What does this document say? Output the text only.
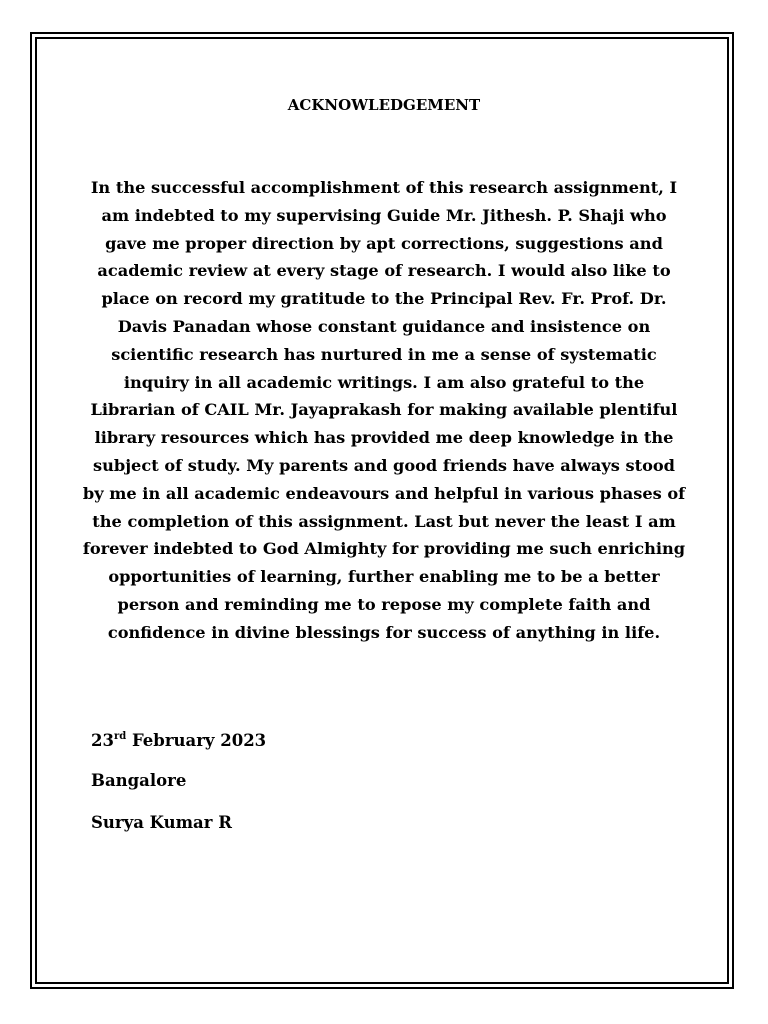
ACKNOWLEDGEMENT

In the successful accomplishment of this research assignment, I am indebted to my supervising Guide Mr. Jithesh. P. Shaji who gave me proper direction by apt corrections, suggestions and academic review at every stage of research. I would also like to place on record my gratitude to the Principal Rev. Fr. Prof. Dr. Davis Panadan whose constant guidance and insistence on scientific research has nurtured in me a sense of systematic inquiry in all academic writings. I am also grateful to the Librarian of CAIL Mr. Jayaprakash for making available plentiful library resources which has provided me deep knowledge in the subject of study. My parents and good friends have always stood by me in all academic endeavours and helpful in various phases of the completion of this assignment. Last but never the least I am forever indebted to God Almighty for providing me such enriching opportunities of learning, further enabling me to be a better person and reminding me to repose my complete faith and confidence in divine blessings for success of anything in life.

23rd February 2023
Bangalore
Surya Kumar R
